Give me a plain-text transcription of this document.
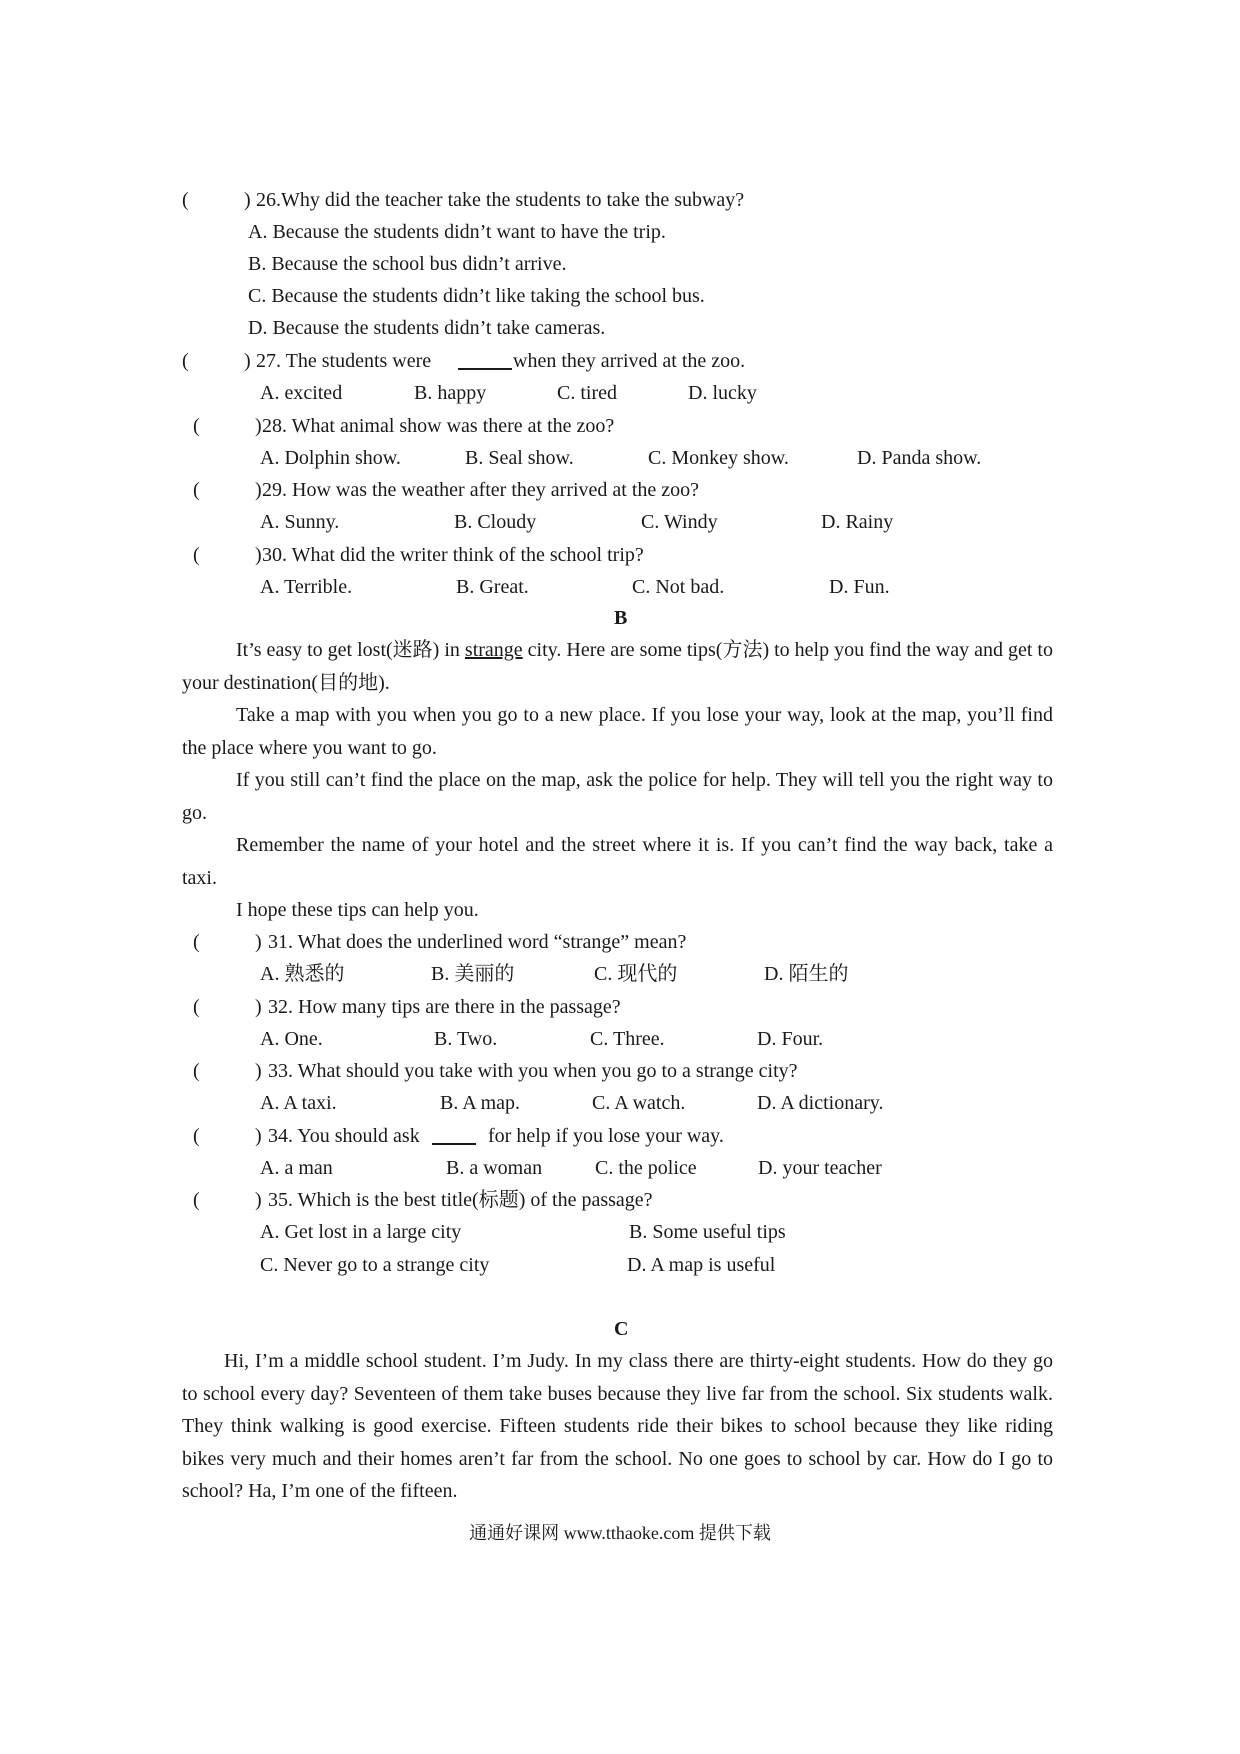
(	) 26.Why did the teacher take the students to take the subway?
A. Because the students didn’t want to have the trip.
B. Because the school bus didn’t arrive.
C. Because the students didn’t like taking the school bus.
D. Because the students didn’t take cameras.
(	) 27. The students were	when they arrived at the zoo.
A. excited	B. happy	C. tired	D. lucky
(	) 28. What animal show was there at the zoo?
A. Dolphin show.	B. Seal show.	C. Monkey show.	D. Panda show.
(	) 29. How was the weather after they arrived at the zoo?
A. Sunny.	B. Cloudy	C. Windy	D. Rainy
(	) 30. What did the writer think of the school trip?
A. Terrible.	B. Great.	C. Not bad.	D. Fun.
B
It’s easy to get lost(迷路) in strange city. Here are some tips(方法) to help you find the way and get to your destination(目的地).
Take a map with you when you go to a new place. If you lose your way, look at the map, you’ll find the place where you want to go.
If you still can’t find the place on the map, ask the police for help. They will tell you the right way to go.
Remember the name of your hotel and the street where it is. If you can’t find the way back, take a taxi.
I hope these tips can help you.
(	) 31. What does the underlined word “strange” mean?
A. 熟悉的	B. 美丽的	C. 现代的	D. 陌生的
(	) 32. How many tips are there in the passage?
A. One.	B. Two.	C. Three.	D. Four.
(	) 33. What should you take with you when you go to a strange city?
A. A taxi.	B. A map.	C. A watch.	D. A dictionary.
(	) 34. You should ask	for help if you lose your way.
A. a man	B. a woman	C. the police	D. your teacher
(	) 35. Which is the best title(标题) of the passage?
A. Get lost in a large city	B. Some useful tips
C. Never go to a strange city	D. A map is useful
C
Hi, I’m a middle school student. I’m Judy. In my class there are thirty-eight students. How do they go to school every day? Seventeen of them take buses because they live far from the school. Six students walk. They think walking is good exercise. Fifteen students ride their bikes to school because they like riding bikes very much and their homes aren’t far from the school. No one goes to school by car. How do I go to school? Ha, I’m one of the fifteen.
通通好课网 www.tthaoke.com 提供下载
